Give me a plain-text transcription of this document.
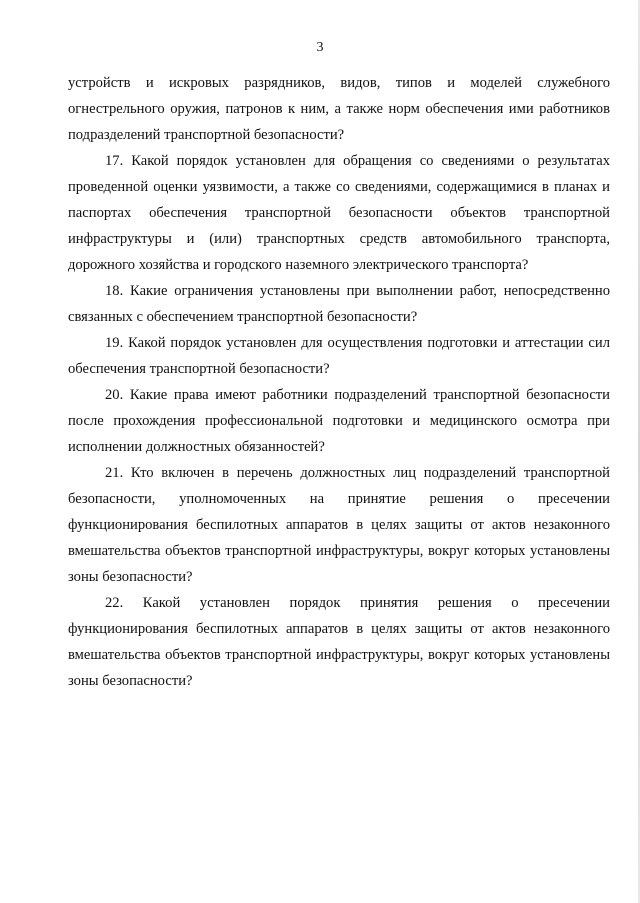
3

устройств и искровых разрядников, видов, типов и моделей служебного огнестрельного оружия, патронов к ним, а также норм обеспечения ими работников подразделений транспортной безопасности?

17. Какой порядок установлен для обращения со сведениями о результатах проведенной оценки уязвимости, а также со сведениями, содержащимися в планах и паспортах обеспечения транспортной безопасности объектов транспортной инфраструктуры и (или) транспортных средств автомобильного транспорта, дорожного хозяйства и городского наземного электрического транспорта?

18. Какие ограничения установлены при выполнении работ, непосредственно связанных с обеспечением транспортной безопасности?

19. Какой порядок установлен для осуществления подготовки и аттестации сил обеспечения транспортной безопасности?

20. Какие права имеют работники подразделений транспортной безопасности после прохождения профессиональной подготовки и медицинского осмотра при исполнении должностных обязанностей?

21. Кто включен в перечень должностных лиц подразделений транспортной безопасности, уполномоченных на принятие решения о пресечении функционирования беспилотных аппаратов в целях защиты от актов незаконного вмешательства объектов транспортной инфраструктуры, вокруг которых установлены зоны безопасности?

22. Какой установлен порядок принятия решения о пресечении функционирования беспилотных аппаратов в целях защиты от актов незаконного вмешательства объектов транспортной инфраструктуры, вокруг которых установлены зоны безопасности?
